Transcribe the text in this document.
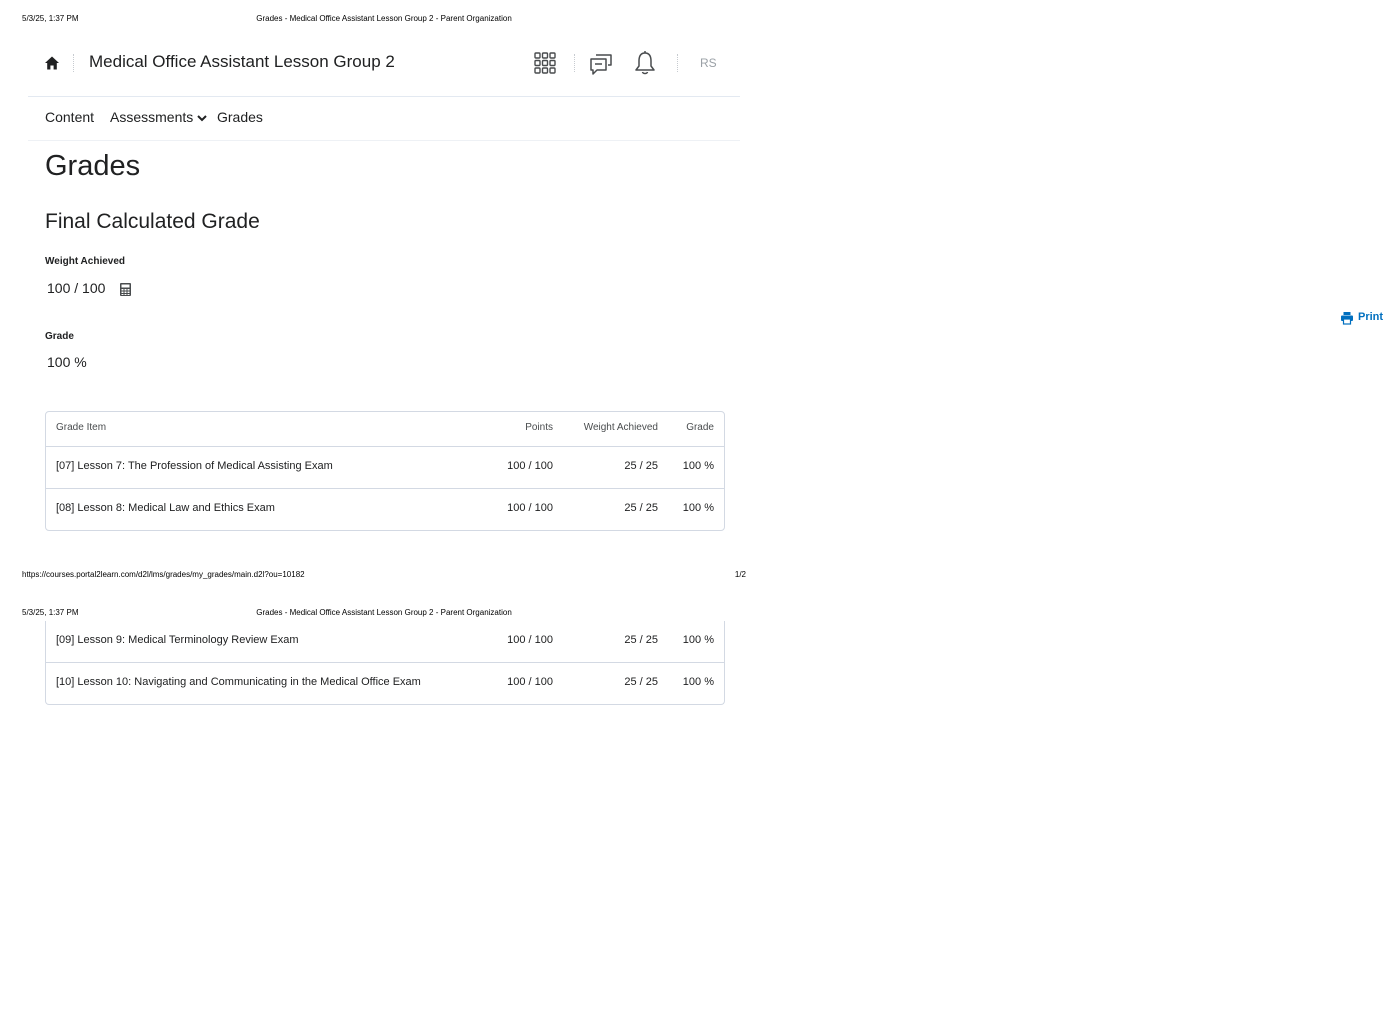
5/3/25, 1:37 PM	Grades - Medical Office Assistant Lesson Group 2 - Parent Organization
Medical Office Assistant Lesson Group 2	RS
Content Assessments	Grades
Grades
Print
Final Calculated Grade
Weight Achieved
100 / 100
Grade
100 %
Grade Item	Points	Weight Achieved	Grade
[07] Lesson 7: The Profession of Medical Assisting Exam	100 / 100	25 / 25 100 %
[08] Lesson 8: Medical Law and Ethics Exam	100 / 100	25 / 25 100 %
https://courses.portal2learn.com/d2l/lms/grades/my_grades/main.d2l?ou=10182	1/2
5/3/25, 1:37 PM	Grades - Medical Office Assistant Lesson Group 2 - Parent Organization
[09] Lesson 9: Medical Terminology Review Exam	100 / 100	25 / 25 100 %
[10] Lesson 10: Navigating and Communicating in the Medical Office Exam	100 / 100	25 / 25 100 %
